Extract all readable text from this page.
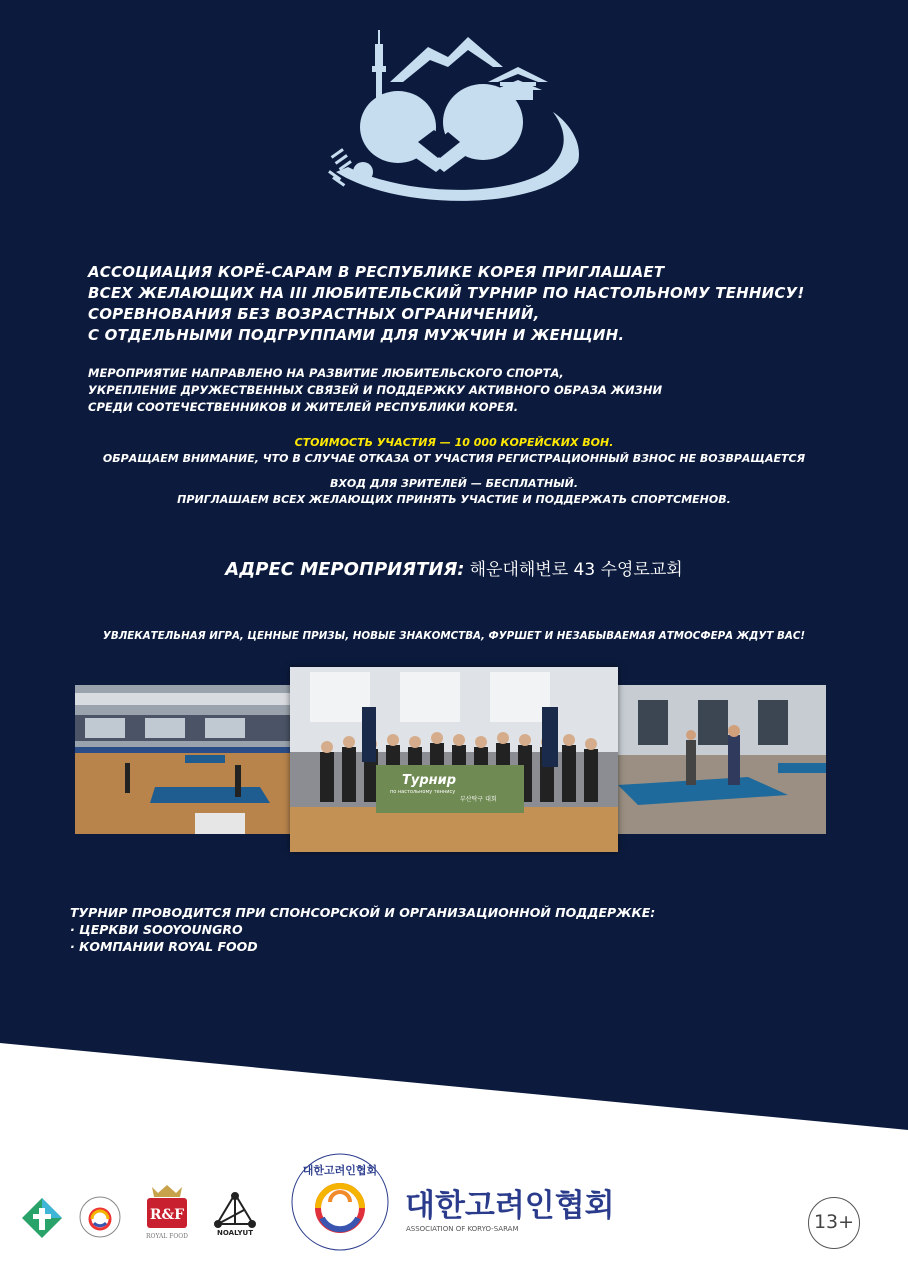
АССОЦИАЦИЯ КОРЁ-САРАМ В РЕСПУБЛИКЕ КОРЕЯ ПРИГЛАШАЕТ
ВСЕХ ЖЕЛАЮЩИХ НА III ЛЮБИТЕЛЬСКИЙ ТУРНИР ПО НАСТОЛЬНОМУ ТЕННИСУ!
СОРЕВНОВАНИЯ БЕЗ ВОЗРАСТНЫХ ОГРАНИЧЕНИЙ,
С ОТДЕЛЬНЫМИ ПОДГРУППАМИ ДЛЯ МУЖЧИН И ЖЕНЩИН.
МЕРОПРИЯТИЕ НАПРАВЛЕНО НА РАЗВИТИЕ ЛЮБИТЕЛЬСКОГО СПОРТА,
УКРЕПЛЕНИЕ ДРУЖЕСТВЕННЫХ СВЯЗЕЙ И ПОДДЕРЖКУ АКТИВНОГО ОБРАЗА ЖИЗНИ
СРЕДИ СООТЕЧЕСТВЕННИКОВ И ЖИТЕЛЕЙ РЕСПУБЛИКИ КОРЕЯ.
СТОИМОСТЬ УЧАСТИЯ — 10 000 КОРЕЙСКИХ ВОН.
ОБРАЩАЕМ ВНИМАНИЕ, ЧТО В СЛУЧАЕ ОТКАЗА ОТ УЧАСТИЯ РЕГИСТРАЦИОННЫЙ ВЗНОС НЕ ВОЗВРАЩАЕТСЯ
ВХОД ДЛЯ ЗРИТЕЛЕЙ — БЕСПЛАТНЫЙ.
ПРИГЛАШАЕМ ВСЕХ ЖЕЛАЮЩИХ ПРИНЯТЬ УЧАСТИЕ И ПОДДЕРЖАТЬ СПОРТСМЕНОВ.
АДРЕС МЕРОПРИЯТИЯ: 해운대해변로 43 수영로교회
УВЛЕКАТЕЛЬНАЯ ИГРА, ЦЕННЫЕ ПРИЗЫ, НОВЫЕ ЗНАКОМСТВА, ФУРШЕТ И НЕЗАБЫВАЕМАЯ АТМОСФЕРА ЖДУТ ВАС!
Турнир
по настольному теннису
부산탁구 대회
ТУРНИР ПРОВОДИТСЯ ПРИ СПОНСОРСКОЙ И ОРГАНИЗАЦИОННОЙ ПОДДЕРЖКЕ:
· ЦЕРКВИ SOOYOUNGRO
· КОМПАНИИ ROYAL FOOD
R&F
ROYAL FOOD	NOALYUT
대한고려인협회
대한고려인협회
ASSOCIATION OF KORYO-SARAM	13+
